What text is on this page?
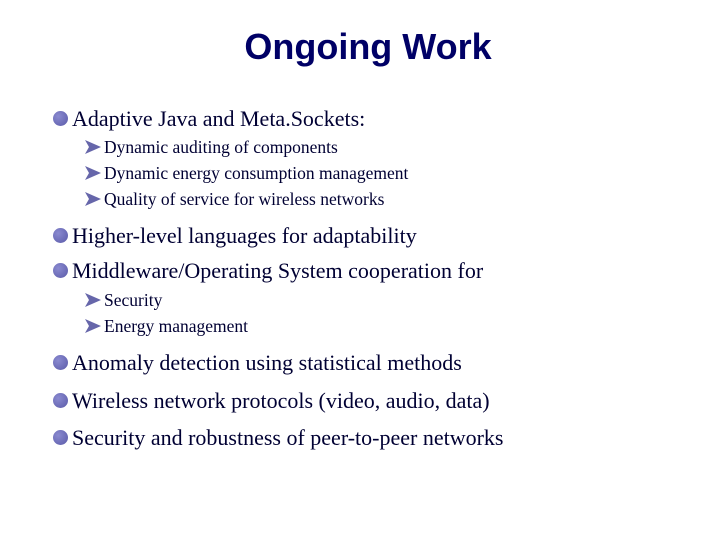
Ongoing Work
Adaptive Java and Meta.Sockets:
Dynamic auditing of components
Dynamic energy consumption management
Quality of service for wireless networks
Higher-level languages for adaptability
Middleware/Operating System cooperation for
Security
Energy management
Anomaly detection using statistical methods
Wireless network protocols (video, audio, data)
Security and robustness of peer-to-peer networks
